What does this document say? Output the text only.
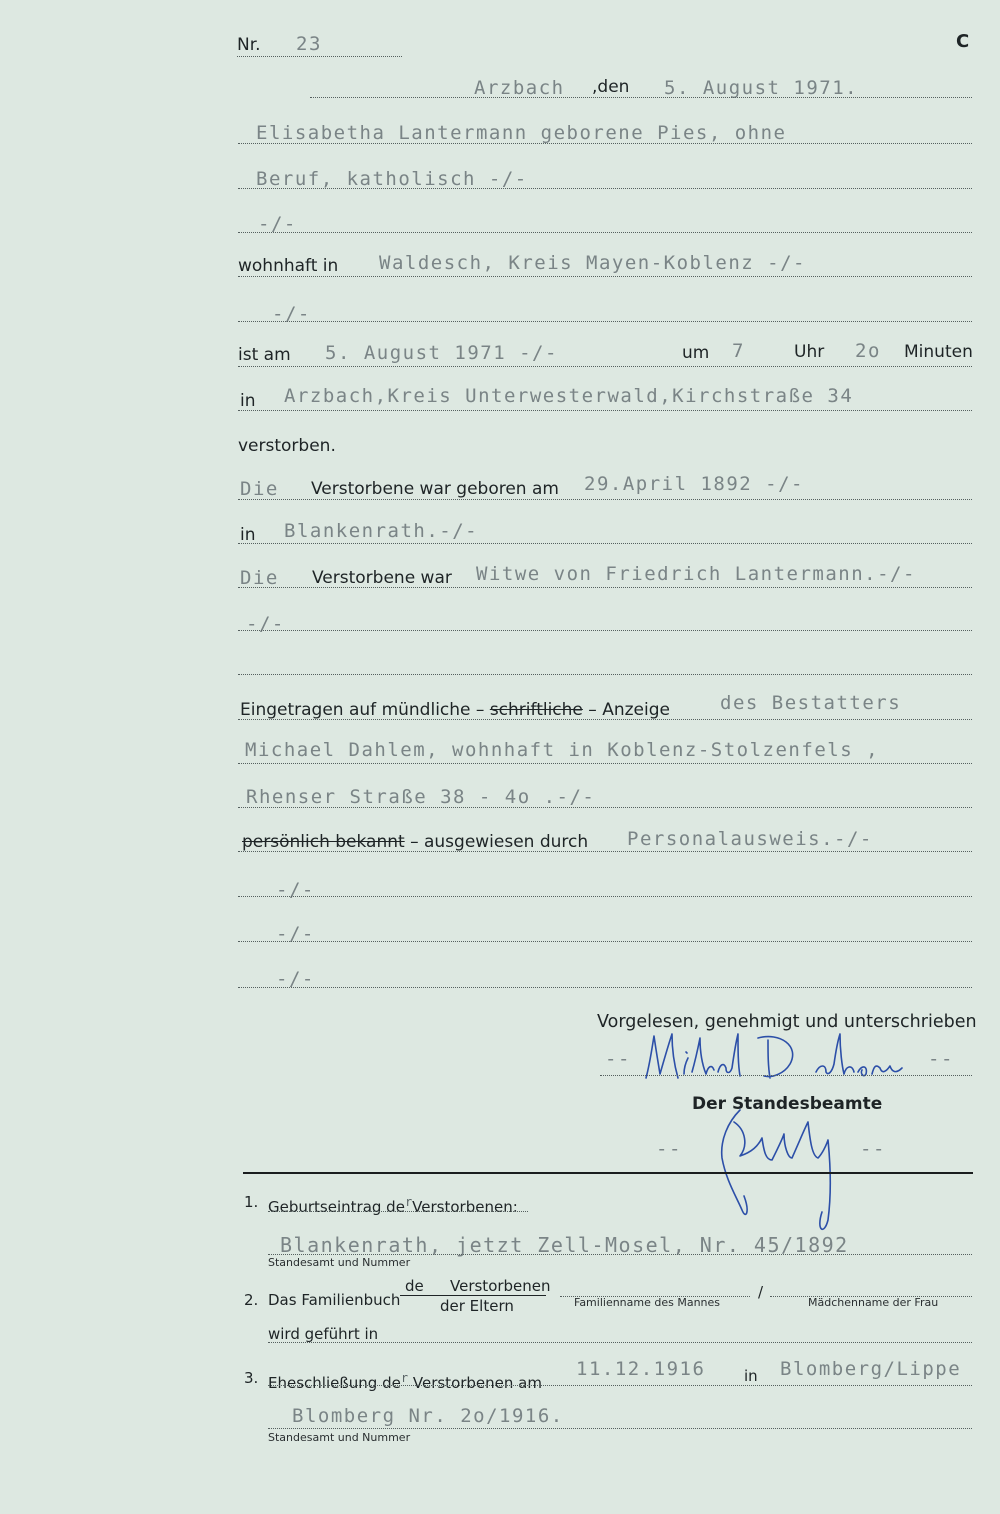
Nr. 23	C
Arzbach ,den 5. August 1971.
Elisabetha Lantermann geborene Pies, ohne
Beruf, katholisch -/-
-/-
wohnhaft in Waldesch, Kreis Mayen-Koblenz -/-
-/-
ist am 5. August 1971 -/-	um 7	Uhr 2o Minuten
in Arzbach,Kreis Unterwesterwald,Kirchstraße 34
verstorben.
Die Verstorbene war geboren am 29.April 1892 -/-
in Blankenrath.-/-
Die Verstorbene war Witwe von Friedrich Lantermann.-/-
-/-
Eingetragen auf mündliche – schriftliche – Anzeige	des Bestatters
Michael Dahlem, wohnhaft in Koblenz-Stolzenfels ,
Rhenser Straße 38 - 4o .-/-
persönlich bekannt – ausgewiesen durch Personalausweis.-/-
-/-
-/-
-/-
Vorgelesen, genehmigt und unterschrieben
--	--
Der Standesbeamte
--	--
1. Geburtseintrag $de^rVerstorbenen$:
Blankenrath, jetzt Zell-Mosel, Nr. 45/1892
Standesamt und Nummer
2. Das Familienbuch
de Verstorbenen
der Eltern	Familienname des Mannes
/
Mädchenname der Frau
wird geführt in
3. Eheschließung $de^r$ Verstorbenen am
11.12.1916	in Blomberg/Lippe
Blomberg Nr. 2o/1916.
Standesamt und Nummer
